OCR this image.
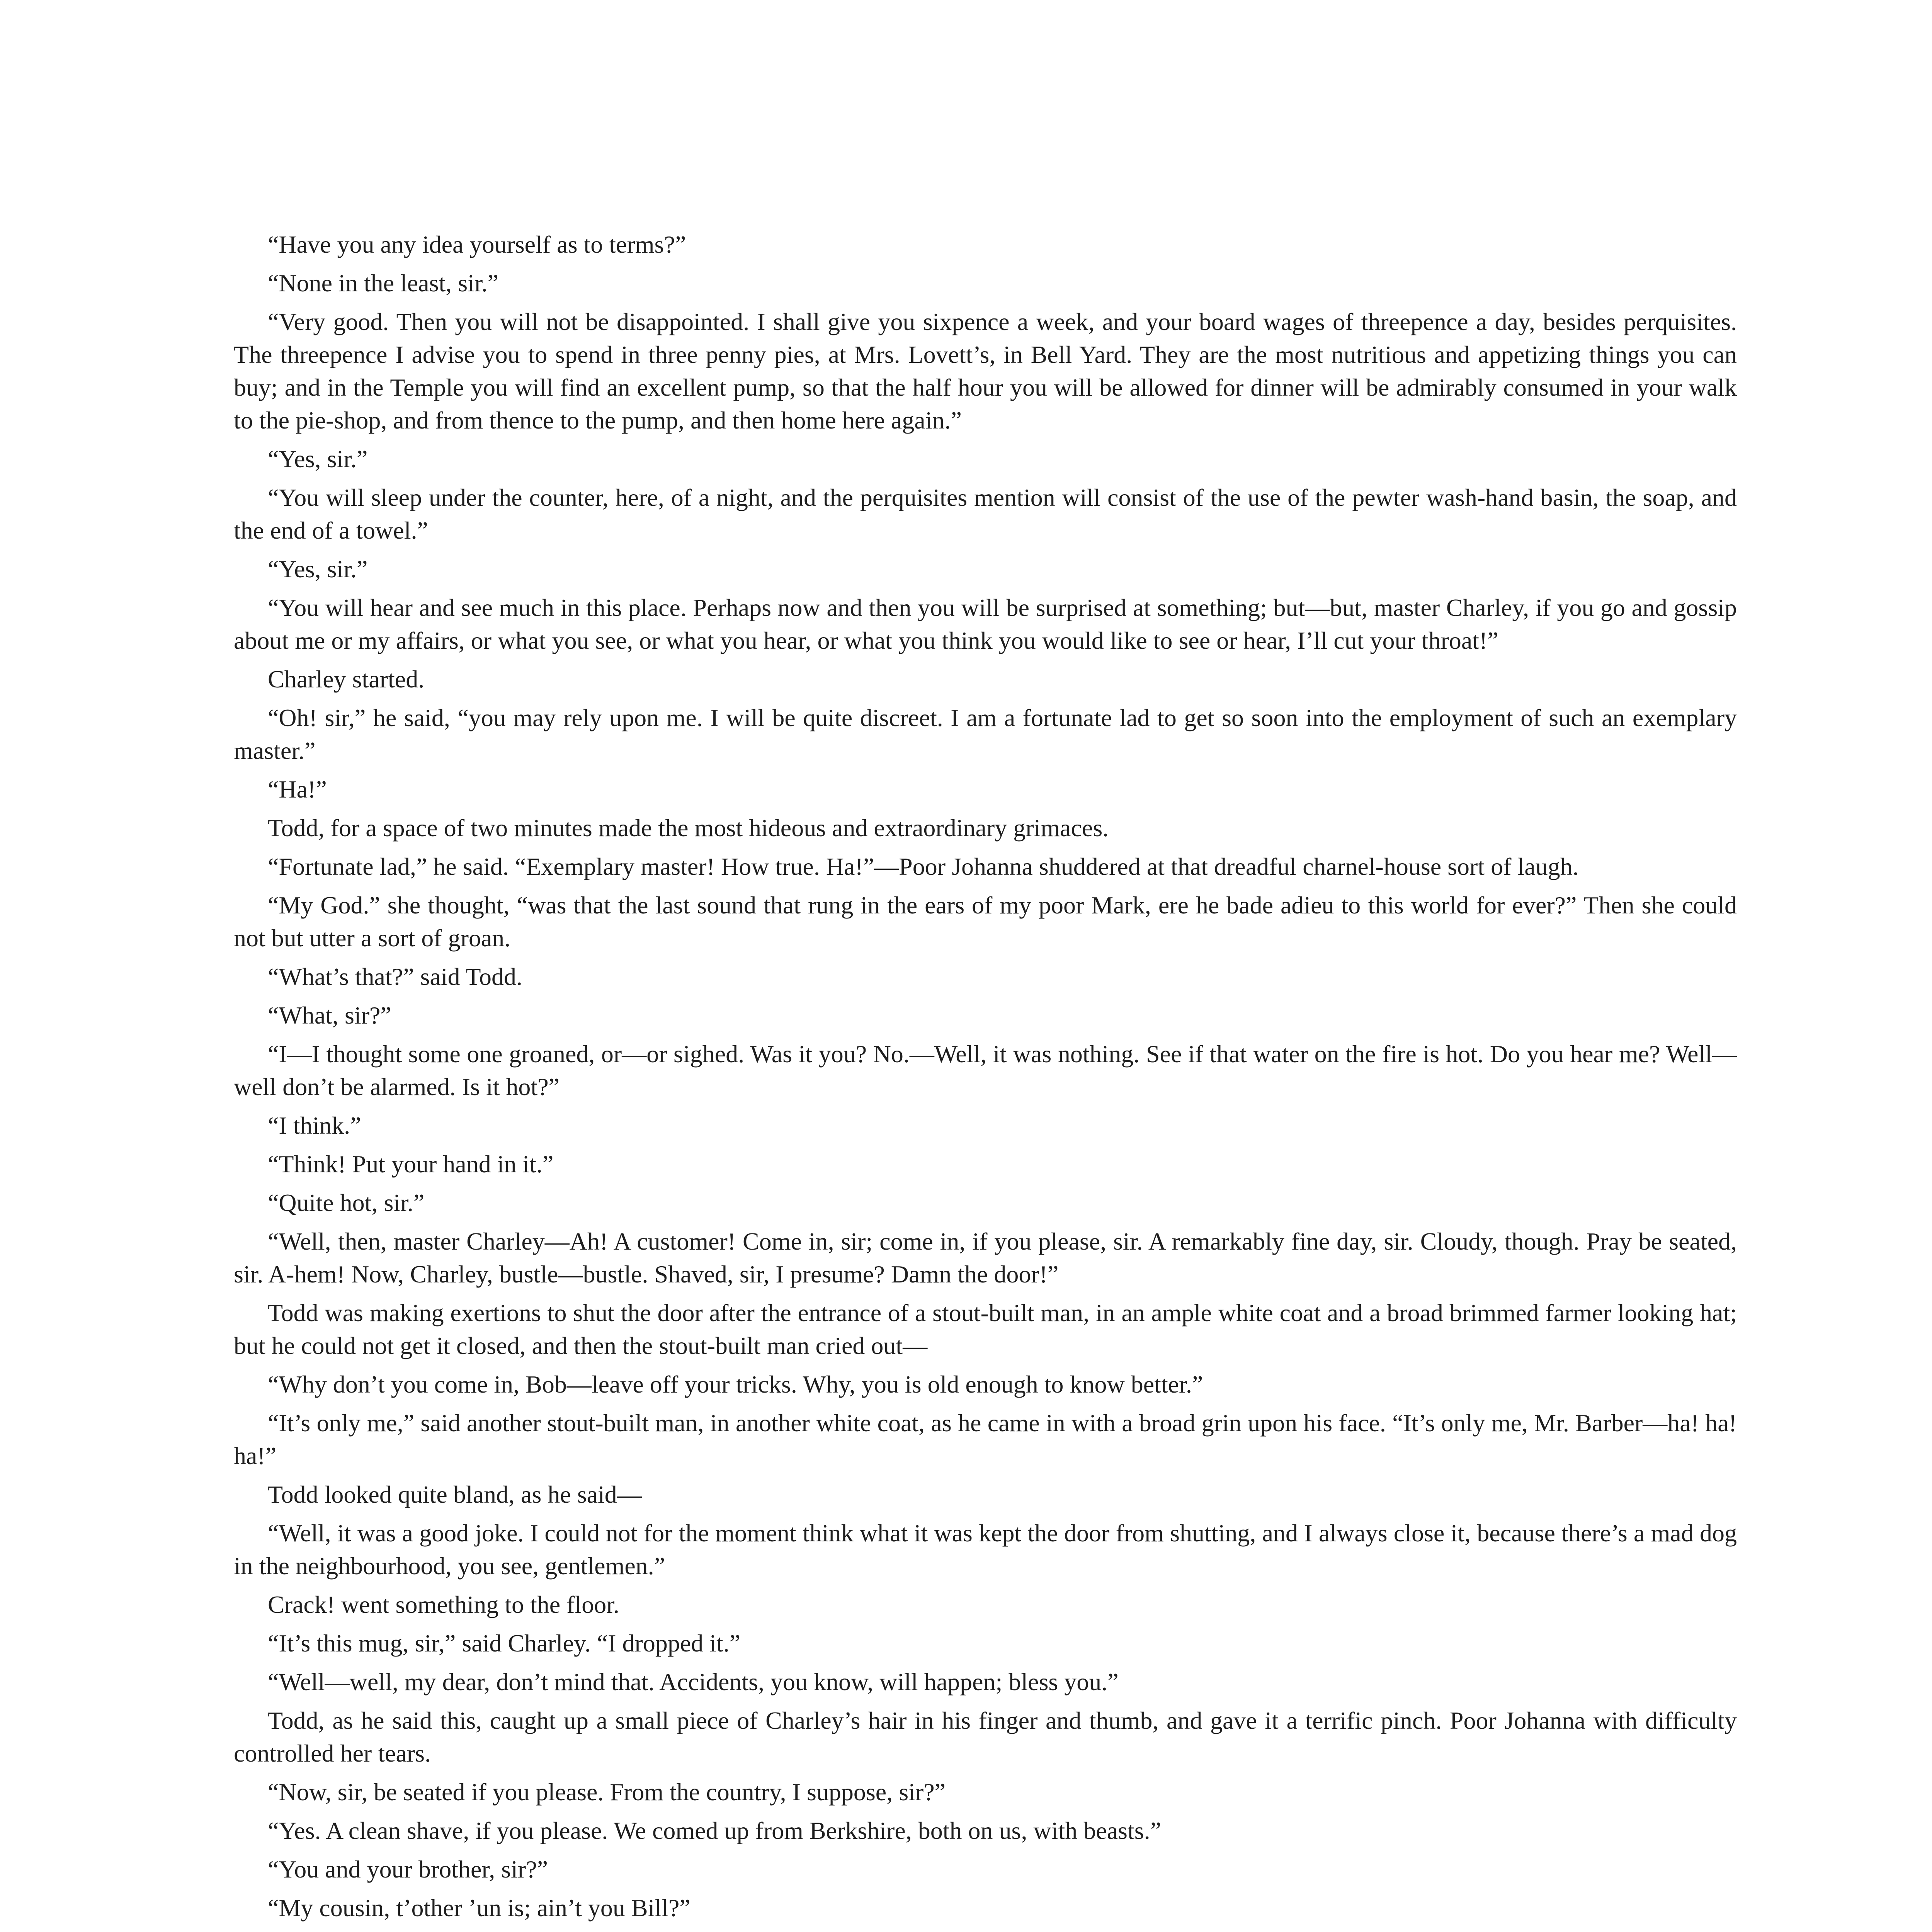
“Have you any idea yourself as to terms?”

“None in the least, sir.”

“Very good. Then you will not be disappointed. I shall give you sixpence a week, and your board wages of threepence a day, besides perquisites. The threepence I advise you to spend in three penny pies, at Mrs. Lovett’s, in Bell Yard. They are the most nutritious and appetizing things you can buy; and in the Temple you will find an excellent pump, so that the half hour you will be allowed for dinner will be admirably consumed in your walk to the pie-shop, and from thence to the pump, and then home here again.”

“Yes, sir.”

“You will sleep under the counter, here, of a night, and the perquisites mention will consist of the use of the pewter wash-hand basin, the soap, and the end of a towel.”

“Yes, sir.”

“You will hear and see much in this place. Perhaps now and then you will be surprised at something; but—but, master Charley, if you go and gossip about me or my affairs, or what you see, or what you hear, or what you think you would like to see or hear, I’ll cut your throat!”

Charley started.

“Oh! sir,” he said, “you may rely upon me. I will be quite discreet. I am a fortunate lad to get so soon into the employment of such an exemplary master.”

“Ha!”

Todd, for a space of two minutes made the most hideous and extraordinary grimaces.

“Fortunate lad,” he said. “Exemplary master! How true. Ha!”—Poor Johanna shuddered at that dreadful charnel-house sort of laugh.

“My God.” she thought, “was that the last sound that rung in the ears of my poor Mark, ere he bade adieu to this world for ever?” Then she could not but utter a sort of groan.

“What’s that?” said Todd.

“What, sir?”

“I—I thought some one groaned, or—or sighed. Was it you? No.—Well, it was nothing. See if that water on the fire is hot. Do you hear me? Well—well don’t be alarmed. Is it hot?”

“I think.”

“Think! Put your hand in it.”

“Quite hot, sir.”

“Well, then, master Charley—Ah! A customer! Come in, sir; come in, if you please, sir. A remarkably fine day, sir. Cloudy, though. Pray be seated, sir. A-hem! Now, Charley, bustle—bustle. Shaved, sir, I presume? Damn the door!”

Todd was making exertions to shut the door after the entrance of a stout-built man, in an ample white coat and a broad brimmed farmer looking hat; but he could not get it closed, and then the stout-built man cried out—

“Why don’t you come in, Bob—leave off your tricks. Why, you is old enough to know better.”

“It’s only me,” said another stout-built man, in another white coat, as he came in with a broad grin upon his face. “It’s only me, Mr. Barber—ha! ha! ha!”

Todd looked quite bland, as he said—

“Well, it was a good joke. I could not for the moment think what it was kept the door from shutting, and I always close it, because there’s a mad dog in the neighbourhood, you see, gentlemen.”

Crack! went something to the floor.

“It’s this mug, sir,” said Charley. “I dropped it.”

“Well—well, my dear, don’t mind that. Accidents, you know, will happen; bless you.”

Todd, as he said this, caught up a small piece of Charley’s hair in his finger and thumb, and gave it a terrific pinch. Poor Johanna with difficulty controlled her tears.

“Now, sir, be seated if you please. From the country, I suppose, sir?”

“Yes. A clean shave, if you please. We comed up from Berkshire, both on us, with beasts.”

“You and your brother, sir?”

“My cousin, t’other ’un is; ain’t you Bill?”
